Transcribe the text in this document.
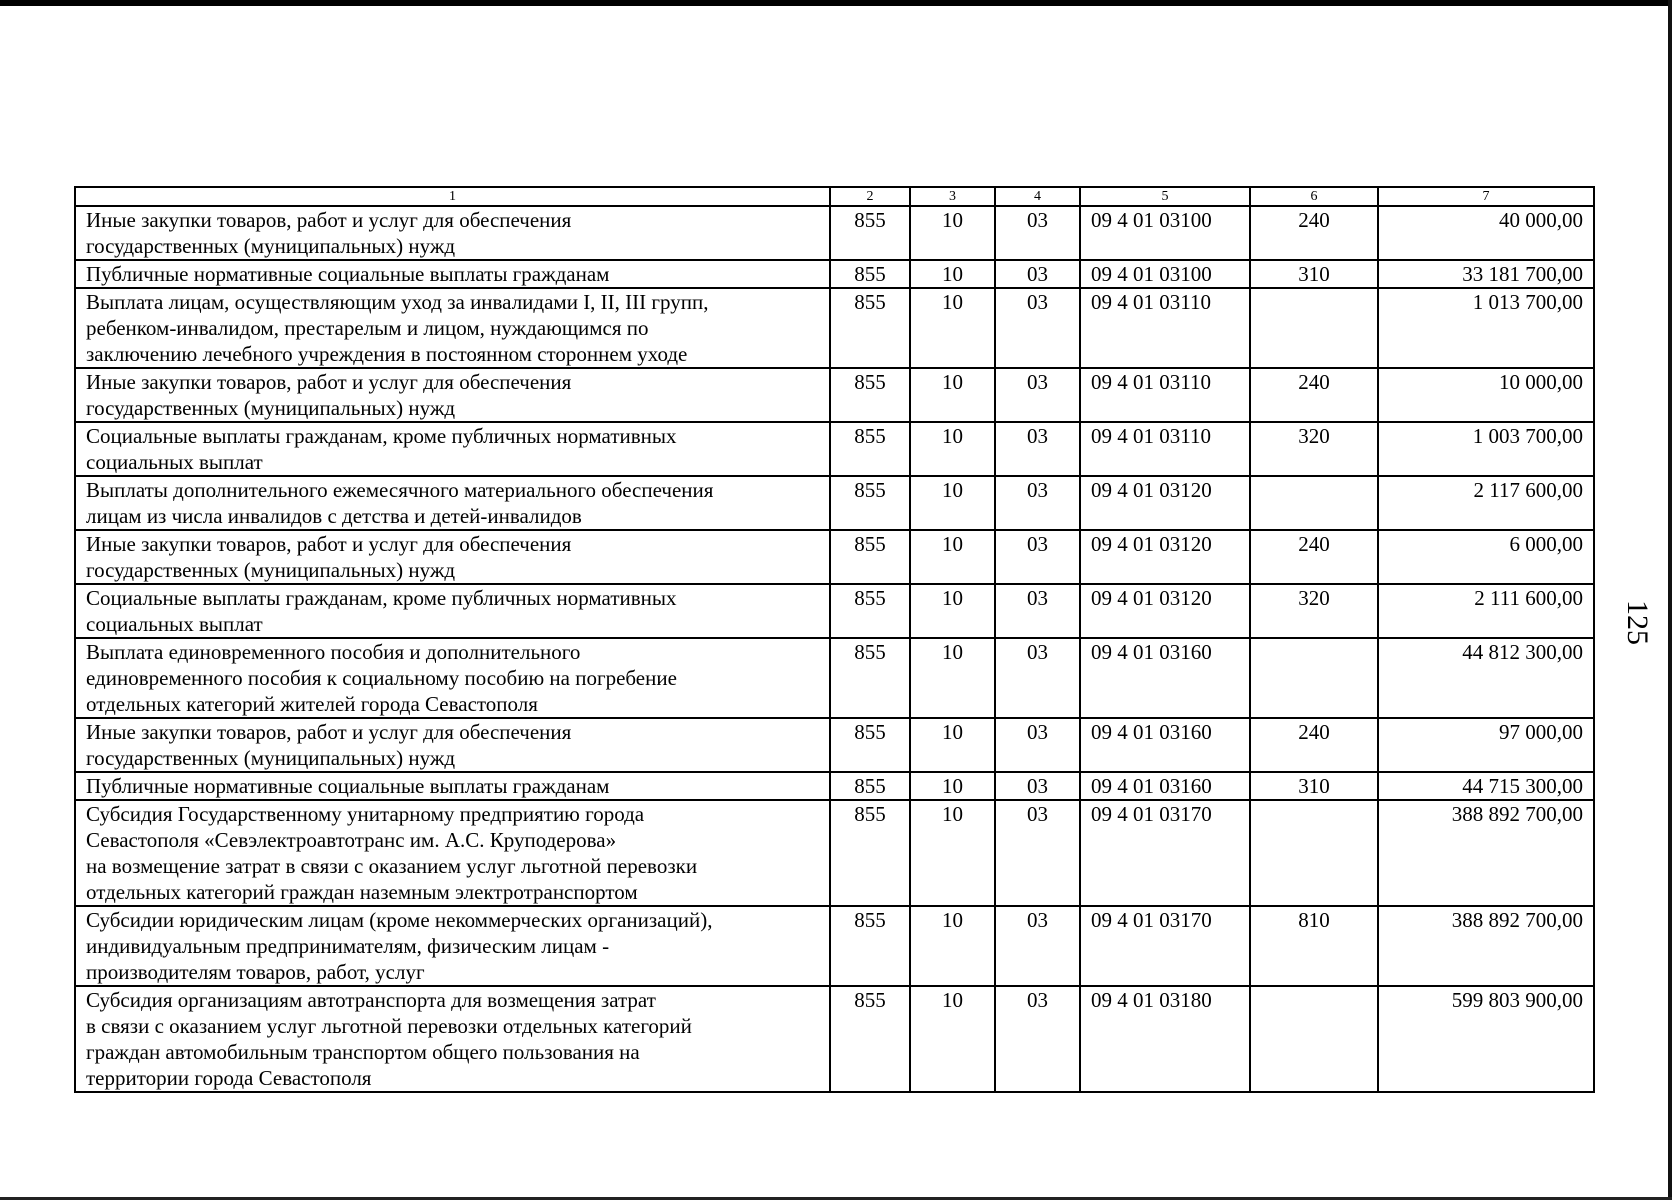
1	2	3	4	5	6	7
Иные закупки товаров, работ и услуг для обеспечения
государственных (муниципальных) нужд	855	10	03	09 4 01 03100	240	40 000,00
Публичные нормативные социальные выплаты гражданам	855	10	03	09 4 01 03100	310	33 181 700,00
Выплата лицам, осуществляющим уход за инвалидами I, II, III групп,
ребенком-инвалидом, престарелым и лицом, нуждающимся по
заключению лечебного учреждения в постоянном стороннем уходе	855	10	03	09 4 01 03110		1 013 700,00
Иные закупки товаров, работ и услуг для обеспечения
государственных (муниципальных) нужд	855	10	03	09 4 01 03110	240	10 000,00
Социальные выплаты гражданам, кроме публичных нормативных
социальных выплат	855	10	03	09 4 01 03110	320	1 003 700,00
Выплаты дополнительного ежемесячного материального обеспечения
лицам из числа инвалидов с детства и детей-инвалидов	855	10	03	09 4 01 03120		2 117 600,00
Иные закупки товаров, работ и услуг для обеспечения
государственных (муниципальных) нужд	855	10	03	09 4 01 03120	240	6 000,00
Социальные выплаты гражданам, кроме публичных нормативных
социальных выплат	855	10	03	09 4 01 03120	320	2 111 600,00
Выплата единовременного пособия и дополнительного
единовременного пособия к социальному пособию на погребение
отдельных категорий жителей города Севастополя	855	10	03	09 4 01 03160		44 812 300,00
Иные закупки товаров, работ и услуг для обеспечения
государственных (муниципальных) нужд	855	10	03	09 4 01 03160	240	97 000,00
Публичные нормативные социальные выплаты гражданам	855	10	03	09 4 01 03160	310	44 715 300,00
Субсидия Государственному унитарному предприятию города
Севастополя «Севэлектроавтотранс им. А.С. Круподерова»
на возмещение затрат в связи с оказанием услуг льготной перевозки
отдельных категорий граждан наземным электротранспортом	855	10	03	09 4 01 03170		388 892 700,00
Субсидии юридическим лицам (кроме некоммерческих организаций),
индивидуальным предпринимателям, физическим лицам -
производителям товаров, работ, услуг	855	10	03	09 4 01 03170	810	388 892 700,00
Субсидия организациям автотранспорта для возмещения затрат
в связи с оказанием услуг льготной перевозки отдельных категорий
граждан автомобильным транспортом общего пользования на
территории города Севастополя	855	10	03	09 4 01 03180		599 803 900,00
125
